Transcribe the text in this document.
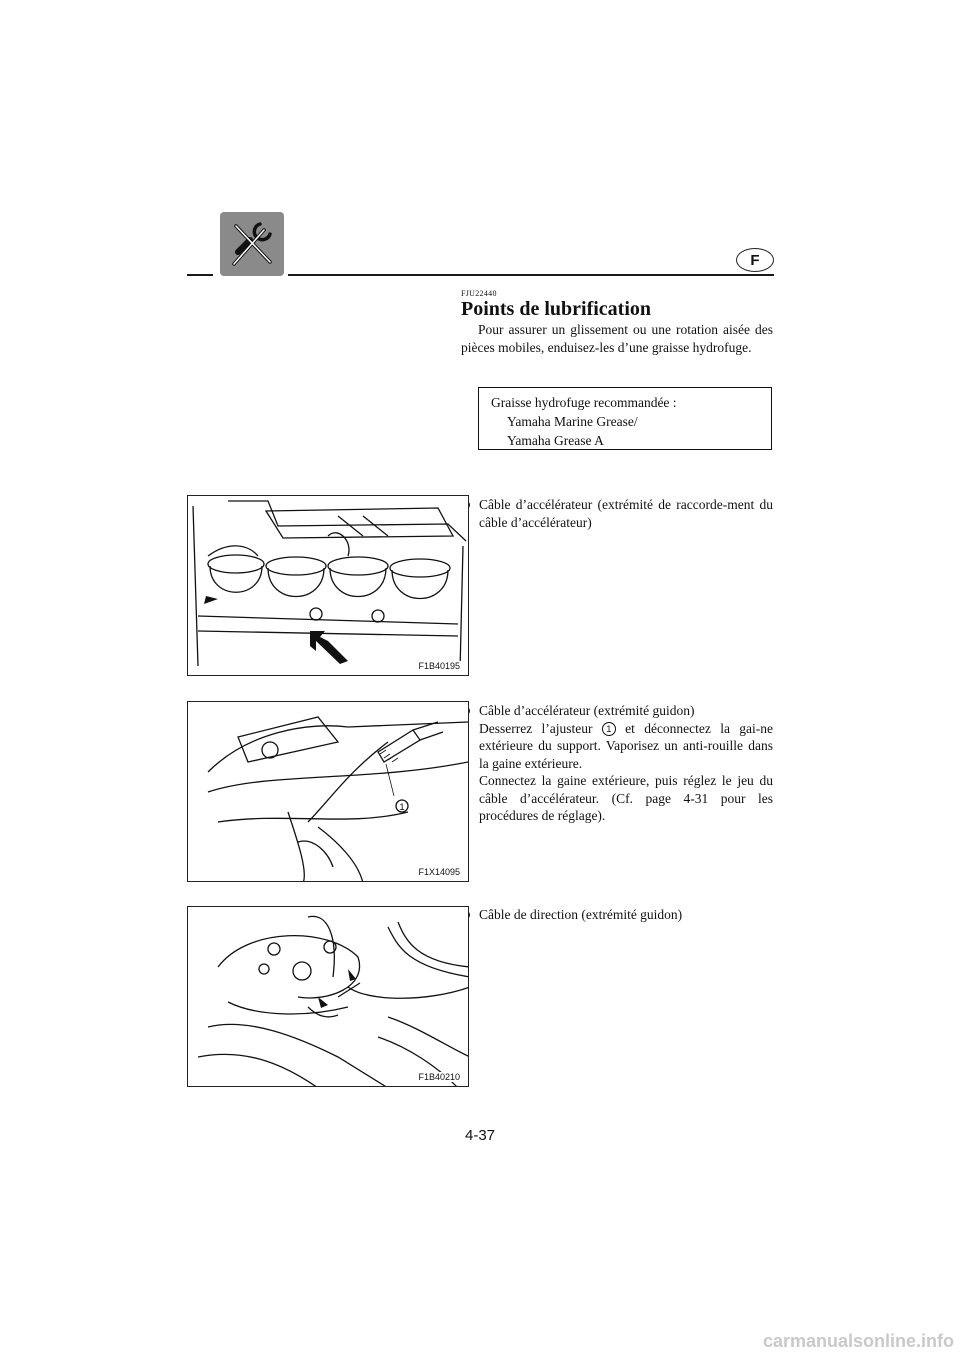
F
FJU22440
Points de lubrification

Pour assurer un glissement ou une rotation aisée des pièces mobiles, enduisez-les d’une graisse hydrofuge.

Graisse hydrofuge recommandée :
Yamaha Marine Grease/
Yamaha Grease A

Câble d’accélérateur (extrémité de raccorde-ment du câble d’accélérateur)

F1B40195

Câble d’accélérateur (extrémité guidon)

Desserrez l’ajusteur 1 et déconnectez la gai-ne extérieure du support. Vaporisez un anti-rouille dans la gaine extérieure.

Connectez la gaine extérieure, puis réglez le jeu du câble d’accélérateur. (Cf. page 4-31 pour les procédures de réglage).

1
F1X14095

Câble de direction (extrémité guidon)

F1B40210
4-37
carmanualsonline.info
